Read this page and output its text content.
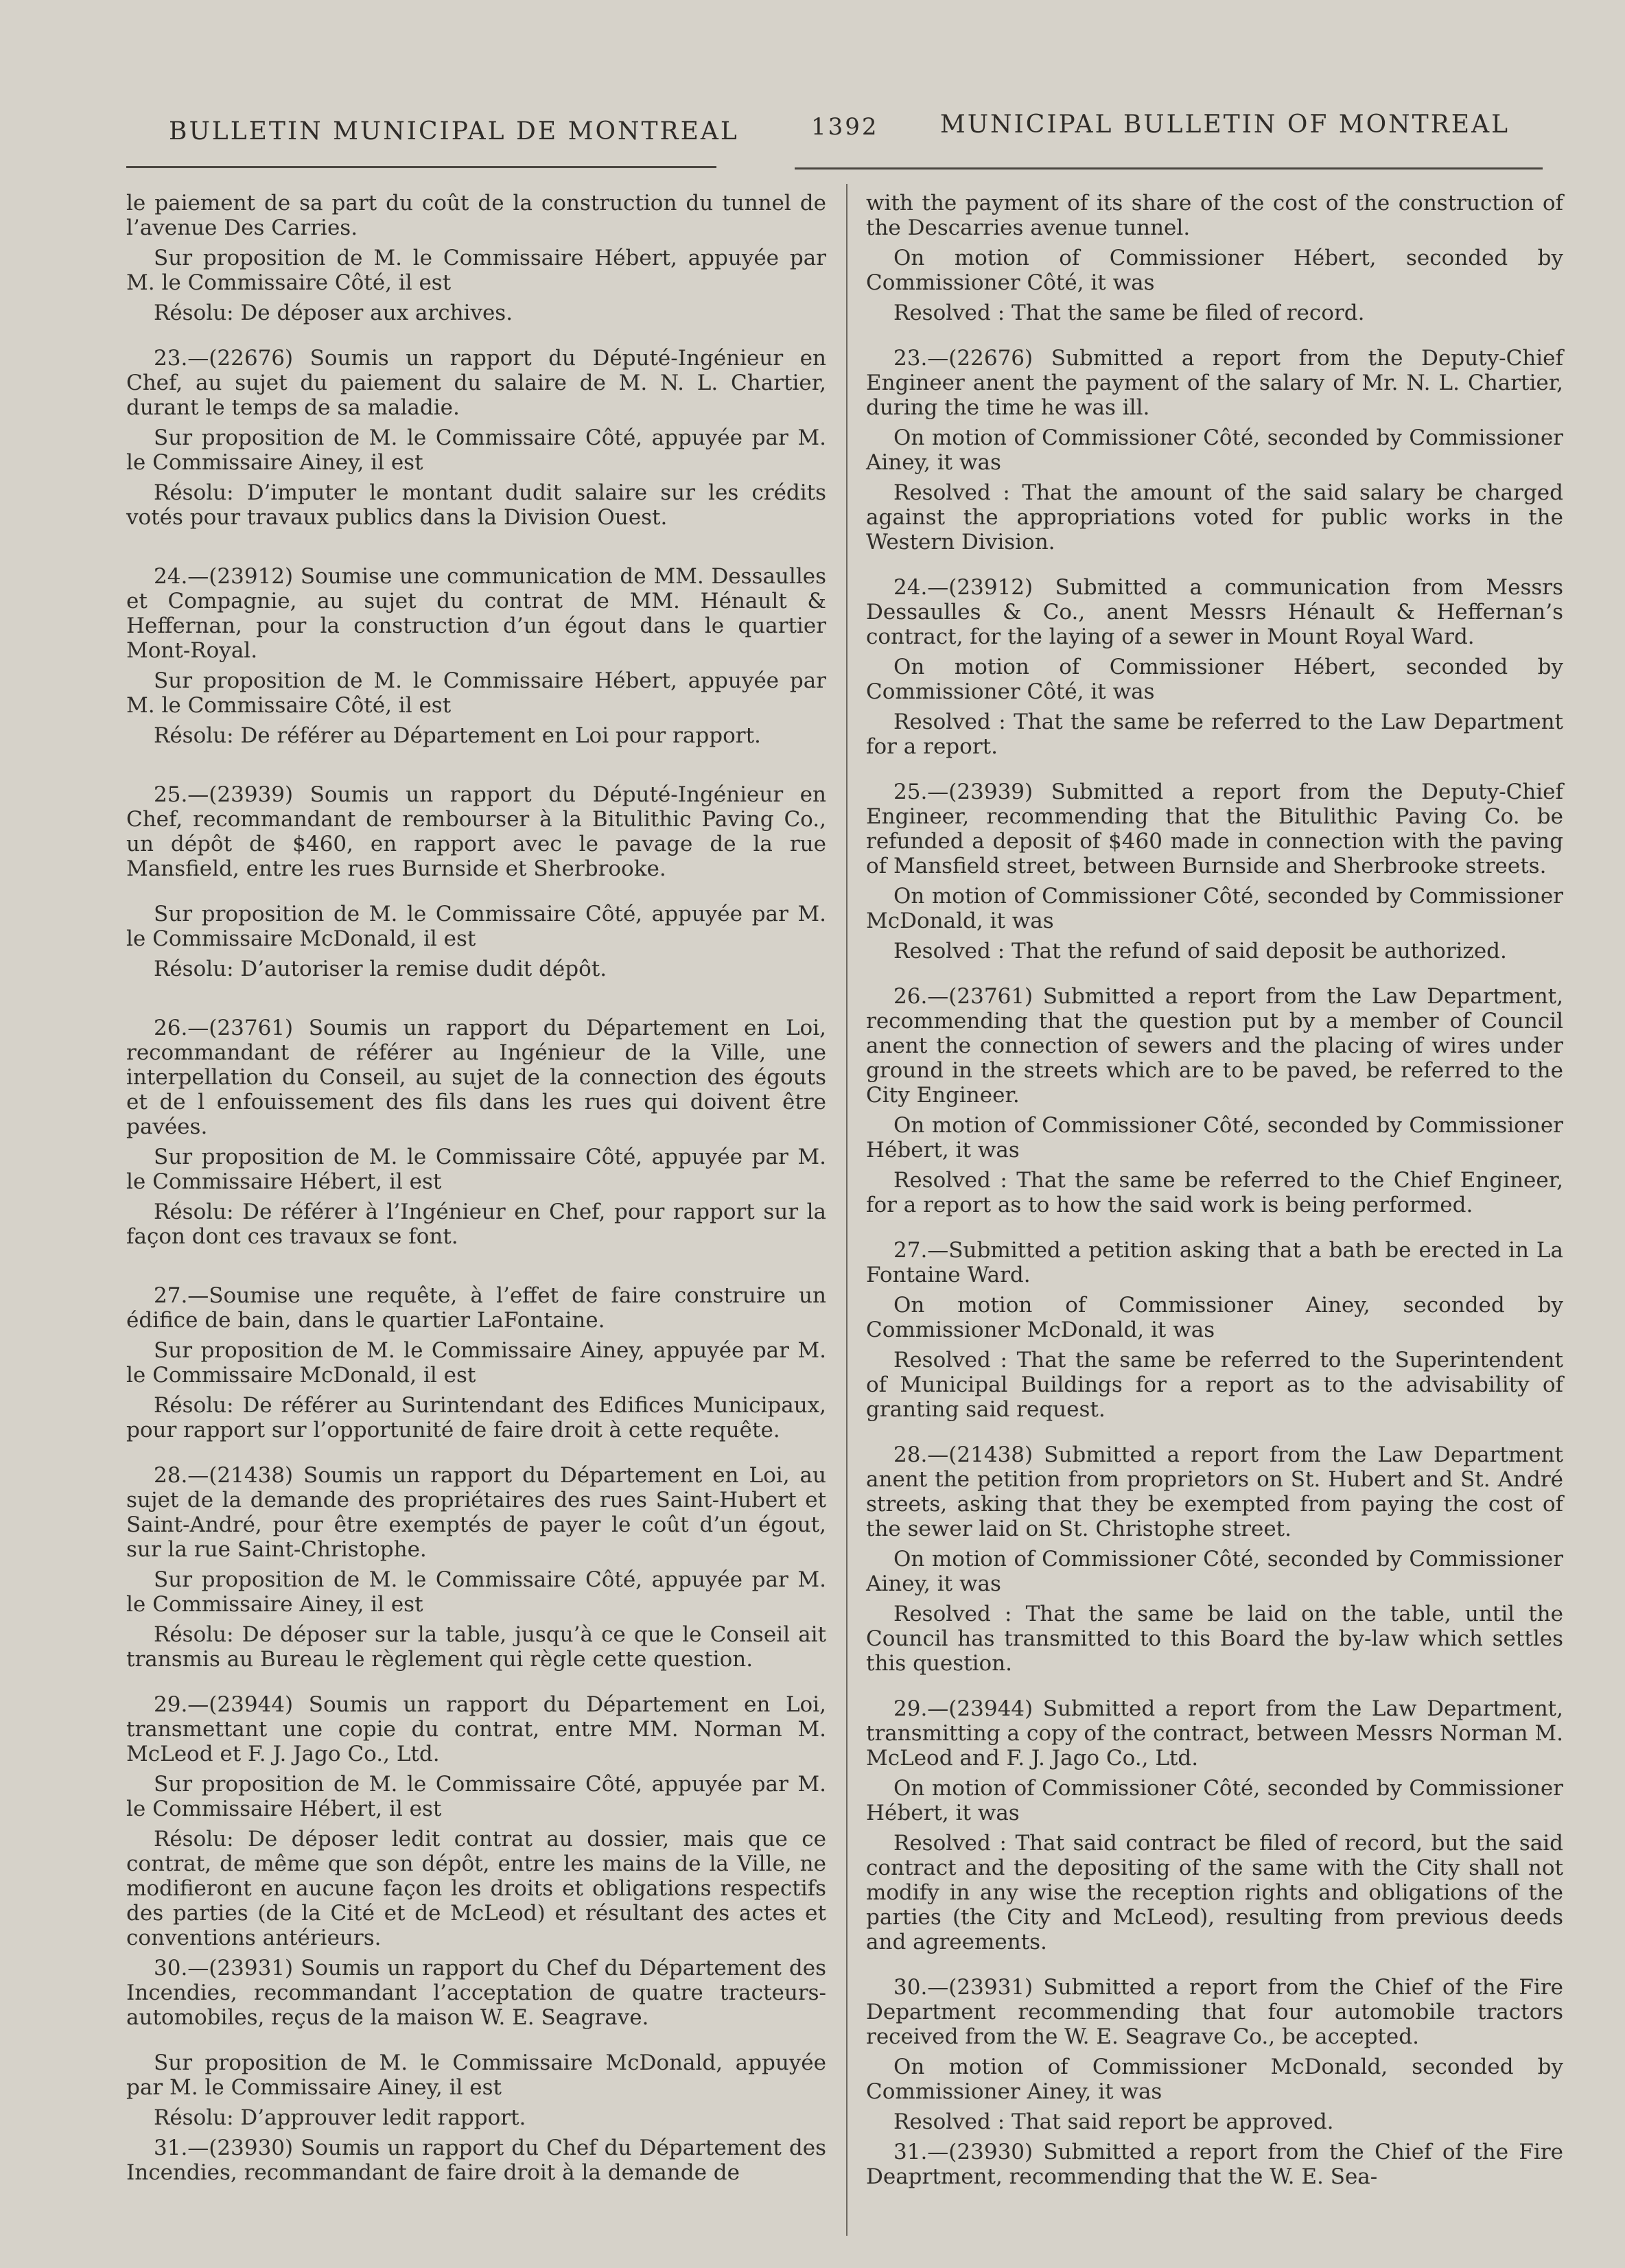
BULLETIN MUNICIPAL DE MONTREAL	1392 MUNICIPAL BULLETIN OF MONTREAL

le paiement de sa part du coût de la construction du tunnel de l’avenue Des Carries.

Sur proposition de M. le Commissaire Hébert, appuyée par M. le Commissaire Côté, il est

Résolu: De déposer aux archives.

23.—(22676) Soumis un rapport du Député-Ingénieur en Chef, au sujet du paiement du salaire de M. N. L. Chartier, durant le temps de sa maladie.

Sur proposition de M. le Commissaire Côté, appuyée par M. le Commissaire Ainey, il est

Résolu: D’imputer le montant dudit salaire sur les crédits votés pour travaux publics dans la Division Ouest.

24.—(23912) Soumise une communication de MM. Dessaulles et Compagnie, au sujet du contrat de MM. Hénault & Heffernan, pour la construction d’un égout dans le quartier Mont-Royal.

Sur proposition de M. le Commissaire Hébert, appuyée par M. le Commissaire Côté, il est

Résolu: De référer au Département en Loi pour rapport.

25.—(23939) Soumis un rapport du Député-Ingénieur en Chef, recommandant de rembourser à la Bitulithic Paving Co., un dépôt de $460, en rapport avec le pavage de la rue Mansfield, entre les rues Burnside et Sherbrooke.

Sur proposition de M. le Commissaire Côté, appuyée par M. le Commissaire McDonald, il est

Résolu: D’autoriser la remise dudit dépôt.

26.—(23761) Soumis un rapport du Département en Loi, recommandant de référer au Ingénieur de la Ville, une interpellation du Conseil, au sujet de la connection des égouts et de l enfouissement des fils dans les rues qui doivent être pavées.

Sur proposition de M. le Commissaire Côté, appuyée par M. le Commissaire Hébert, il est

Résolu: De référer à l’Ingénieur en Chef, pour rapport sur la façon dont ces travaux se font.

27.—Soumise une requête, à l’effet de faire construire un édifice de bain, dans le quartier LaFontaine.

Sur proposition de M. le Commissaire Ainey, appuyée par M. le Commissaire McDonald, il est

Résolu: De référer au Surintendant des Edifices Municipaux, pour rapport sur l’opportunité de faire droit à cette requête.

28.—(21438) Soumis un rapport du Département en Loi, au sujet de la demande des propriétaires des rues Saint-Hubert et Saint-André, pour être exemptés de payer le coût d’un égout, sur la rue Saint-Christophe.

Sur proposition de M. le Commissaire Côté, appuyée par M. le Commissaire Ainey, il est

Résolu: De déposer sur la table, jusqu’à ce que le Conseil ait transmis au Bureau le règlement qui règle cette question.

29.—(23944) Soumis un rapport du Département en Loi, transmettant une copie du contrat, entre MM. Norman M. McLeod et F. J. Jago Co., Ltd.

Sur proposition de M. le Commissaire Côté, appuyée par M. le Commissaire Hébert, il est

Résolu: De déposer ledit contrat au dossier, mais que ce contrat, de même que son dépôt, entre les mains de la Ville, ne modifieront en aucune façon les droits et obligations respectifs des parties (de la Cité et de McLeod) et résultant des actes et conventions antérieurs.

30.—(23931) Soumis un rapport du Chef du Département des Incendies, recommandant l’acceptation de quatre tracteurs-automobiles, reçus de la maison W. E. Seagrave.

Sur proposition de M. le Commissaire McDonald, appuyée par M. le Commissaire Ainey, il est

Résolu: D’approuver ledit rapport.

31.—(23930) Soumis un rapport du Chef du Département des Incendies, recommandant de faire droit à la demande de

with the payment of its share of the cost of the construction of the Descarries avenue tunnel.

On motion of Commissioner Hébert, seconded by Commissioner Côté, it was

Resolved : That the same be filed of record.

23.—(22676) Submitted a report from the Deputy-Chief Engineer anent the payment of the salary of Mr. N. L. Chartier, during the time he was ill.

On motion of Commissioner Côté, seconded by Commissioner Ainey, it was

Resolved : That the amount of the said salary be charged against the appropriations voted for public works in the Western Division.

24.—(23912) Submitted a communication from Messrs Dessaulles & Co., anent Messrs Hénault & Heffernan’s contract, for the laying of a sewer in Mount Royal Ward.

On motion of Commissioner Hébert, seconded by Commissioner Côté, it was

Resolved : That the same be referred to the Law Department for a report.

25.—(23939) Submitted a report from the Deputy-Chief Engineer, recommending that the Bitulithic Paving Co. be refunded a deposit of $460 made in connection with the paving of Mansfield street, between Burnside and Sherbrooke streets.

On motion of Commissioner Côté, seconded by Commissioner McDonald, it was

Resolved : That the refund of said deposit be authorized.

26.—(23761) Submitted a report from the Law Department, recommending that the question put by a member of Council anent the connection of sewers and the placing of wires under ground in the streets which are to be paved, be referred to the City Engineer.

On motion of Commissioner Côté, seconded by Commissioner Hébert, it was

Resolved : That the same be referred to the Chief Engineer, for a report as to how the said work is being performed.

27.—Submitted a petition asking that a bath be erected in La Fontaine Ward.

On motion of Commissioner Ainey, seconded by Commissioner McDonald, it was

Resolved : That the same be referred to the Superintendent of Municipal Buildings for a report as to the advisability of granting said request.

28.—(21438) Submitted a report from the Law Department anent the petition from proprietors on St. Hubert and St. André streets, asking that they be exempted from paying the cost of the sewer laid on St. Christophe street.

On motion of Commissioner Côté, seconded by Commissioner Ainey, it was

Resolved : That the same be laid on the table, until the Council has transmitted to this Board the by-law which settles this question.

29.—(23944) Submitted a report from the Law Department, transmitting a copy of the contract, between Messrs Norman M. McLeod and F. J. Jago Co., Ltd.

On motion of Commissioner Côté, seconded by Commissioner Hébert, it was

Resolved : That said contract be filed of record, but the said contract and the depositing of the same with the City shall not modify in any wise the reception rights and obligations of the parties (the City and McLeod), resulting from previous deeds and agreements.

30.—(23931) Submitted a report from the Chief of the Fire Department recommending that four automobile tractors received from the W. E. Seagrave Co., be accepted.

On motion of Commissioner McDonald, seconded by Commissioner Ainey, it was

Resolved : That said report be approved.

31.—(23930) Submitted a report from the Chief of the Fire Deaprtment, recommending that the W. E. Sea-
